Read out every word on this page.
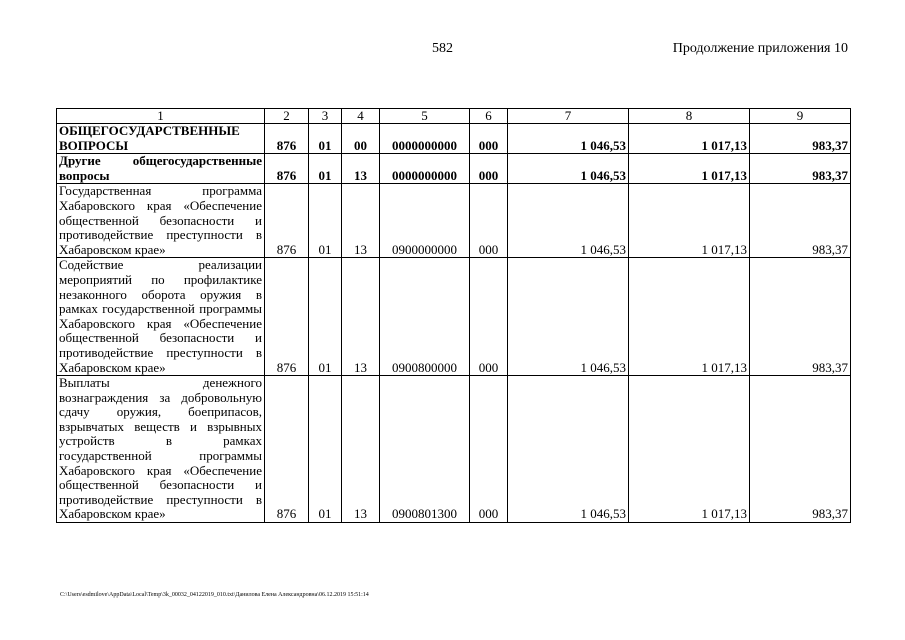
582	Продолжение приложения 10
1	2	3	4	5	6	7	8	9
ОБЩЕГОСУДАРСТВЕННЫЕ ВОПРОСЫ	876	01	00	0000000000	000	1 046,53	1 017,13	983,37
Другие общегосударственные вопросы	876	01	13	0000000000	000	1 046,53	1 017,13	983,37
Государственная программа Хабаровского края «Обеспечение общественной безопасности и противодействие преступности в Хабаровском крае»	876	01	13	0900000000	000	1 046,53	1 017,13	983,37
Содействие реализации мероприятий по профилактике незаконного оборота оружия в рамках государственной программы Хабаровского края «Обеспечение общественной безопасности и противодействие преступности в Хабаровском крае»	876	01	13	0900800000	000	1 046,53	1 017,13	983,37
Выплаты денежного вознаграждения за добровольную сдачу оружия, боеприпасов, взрывчатых веществ и взрывных устройств в рамках государственной программы Хабаровского края «Обеспечение общественной безопасности и противодействие преступности в Хабаровском крае»	876	01	13	0900801300	000	1 046,53	1 017,13	983,37
C:\Users\esdmilove\AppData\Local\Temp\3k_00032_04122019_010.txt\Данилова Елена Александровна\06.12.2019 15:51:14
